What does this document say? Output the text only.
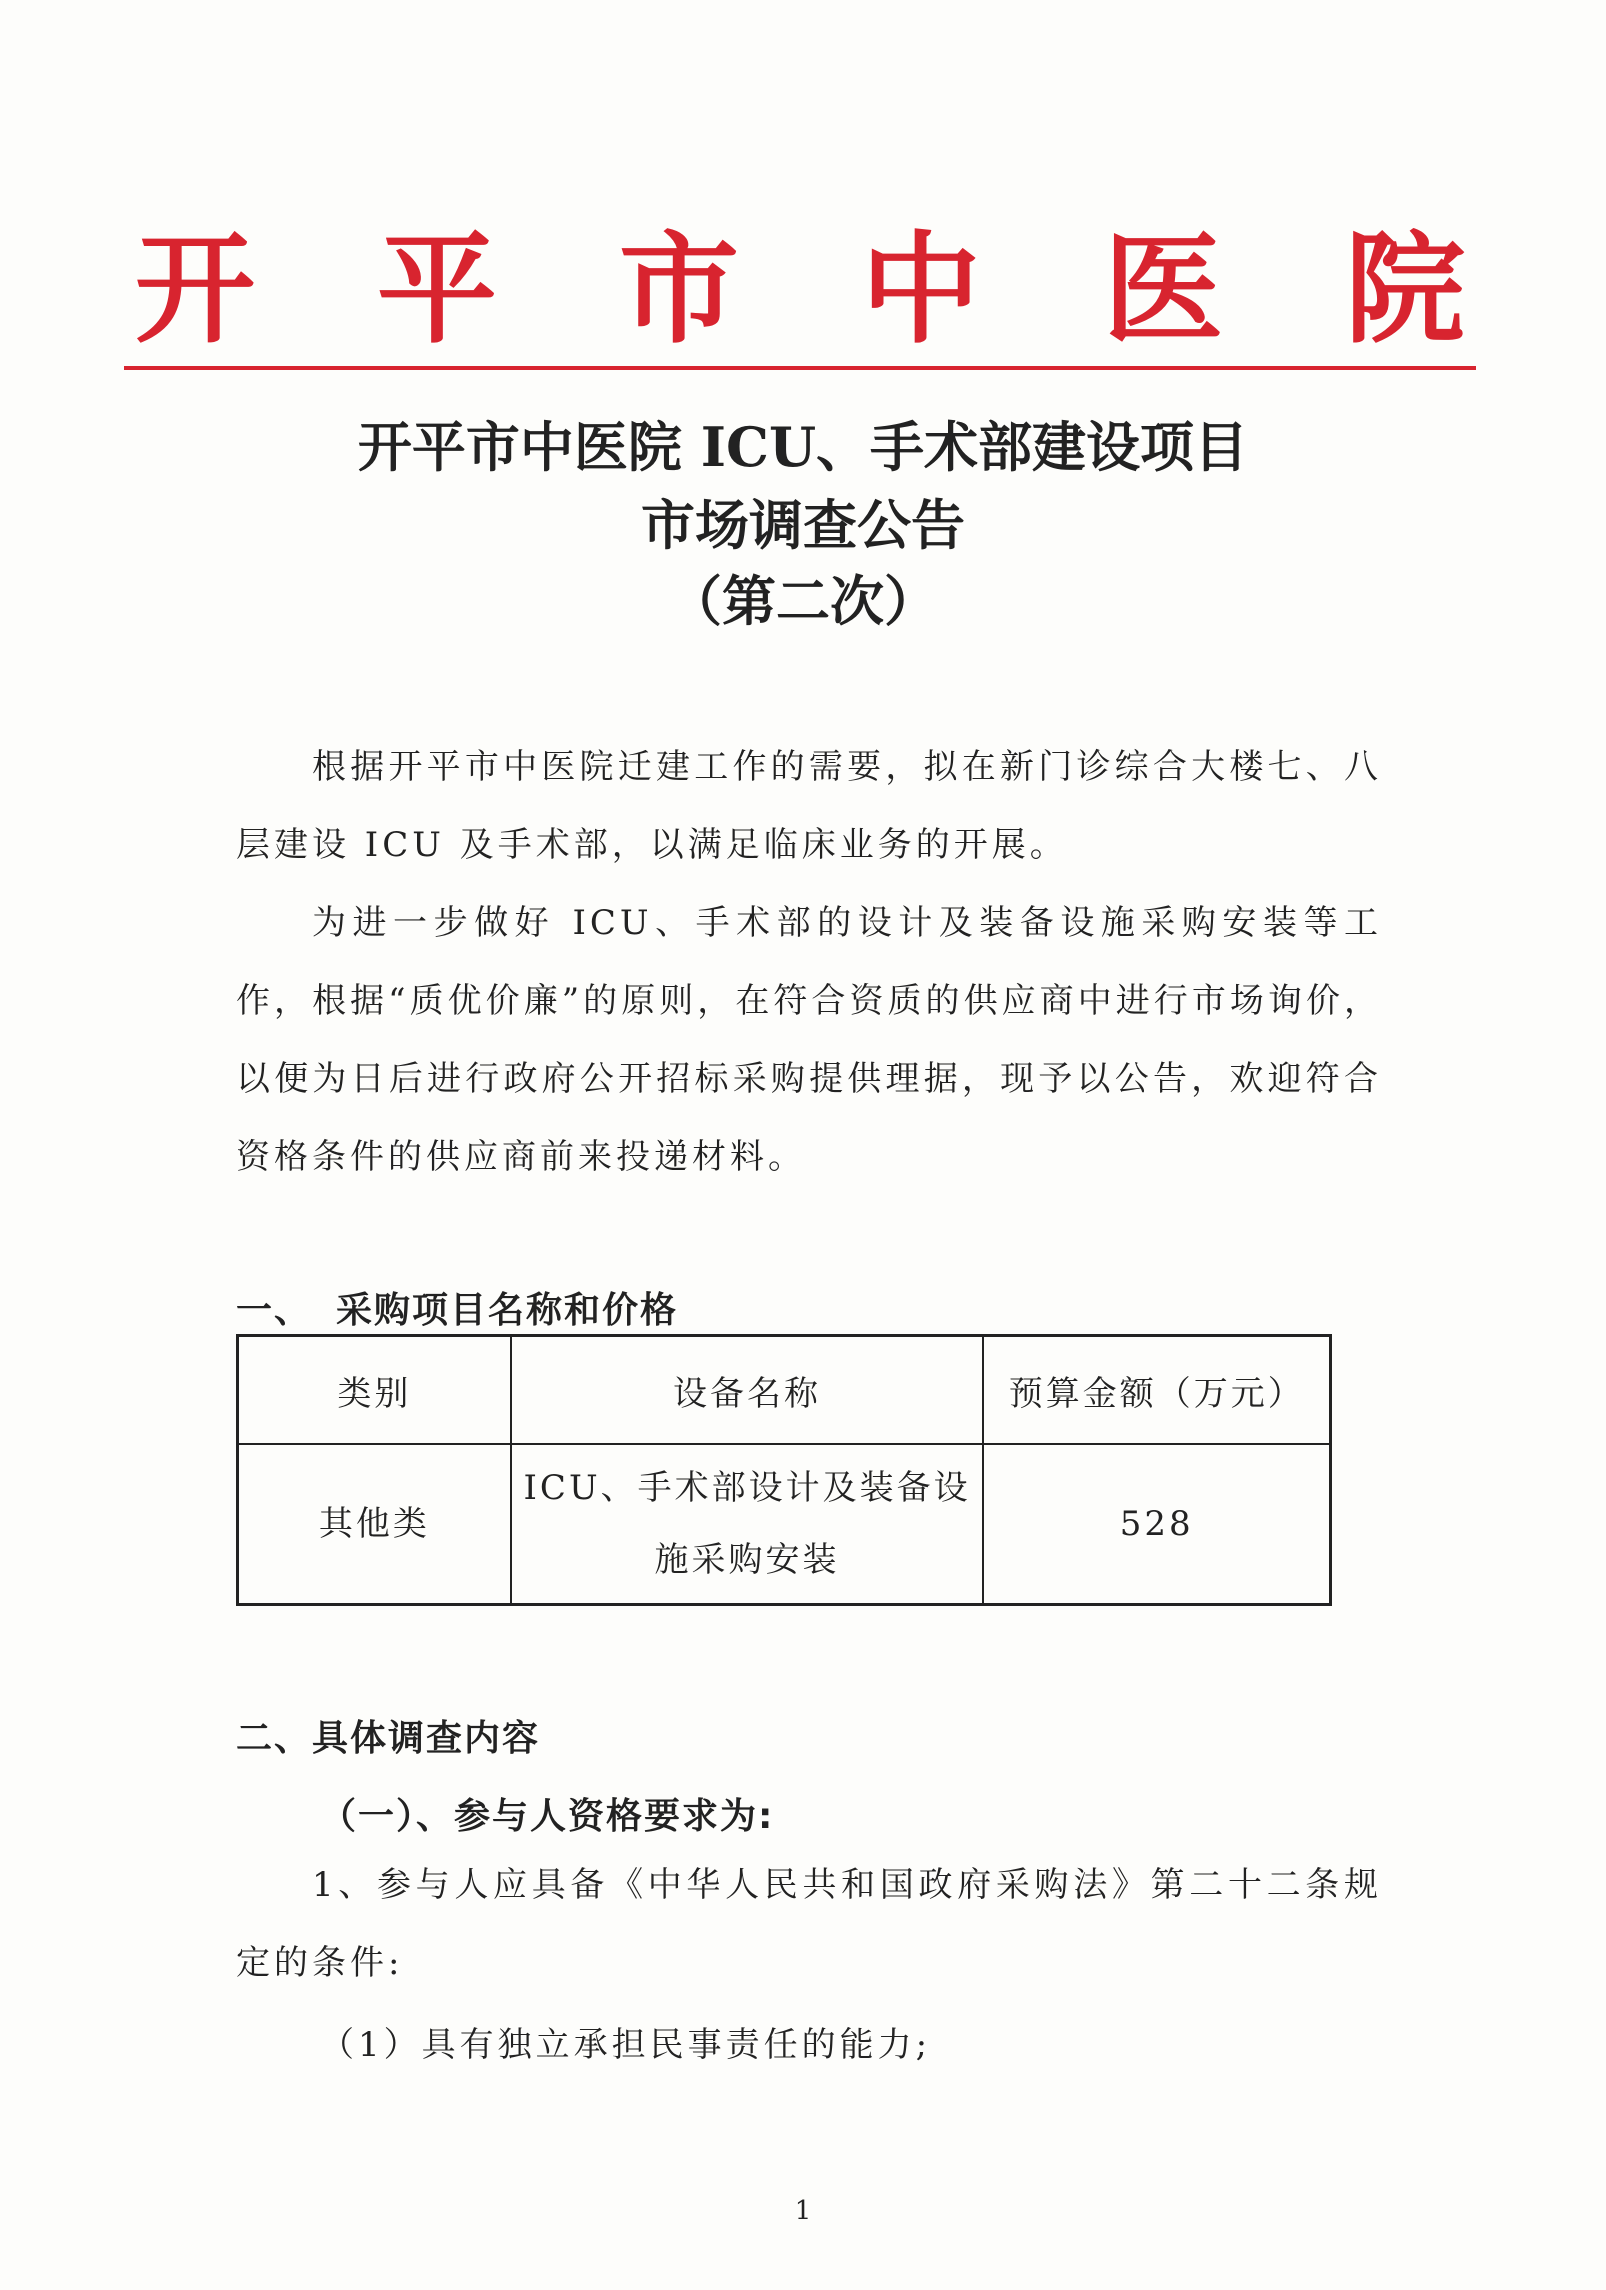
开 平 市 中 医 院
开平市中医院 ICU、手术部建设项目
市场调查公告
（第二次）
根据开平市中医院迁建工作的需要，拟在新门诊综合大楼七、八层建设 ICU 及手术部，以满足临床业务的开展。
为进一步做好 ICU、手术部的设计及装备设施采购安装等工作，根据“质优价廉”的原则，在符合资质的供应商中进行市场询价，以便为日后进行政府公开招标采购提供理据，现予以公告，欢迎符合资格条件的供应商前来投递材料。
一、 采购项目名称和价格
类别	设备名称	预算金额（万元）
其他类	ICU、手术部设计及装备设施采购安装	528
二、具体调查内容
（一）、参与人资格要求为:
1、参与人应具备《中华人民共和国政府采购法》第二十二条规定的条件:
（1）具有独立承担民事责任的能力;
1
